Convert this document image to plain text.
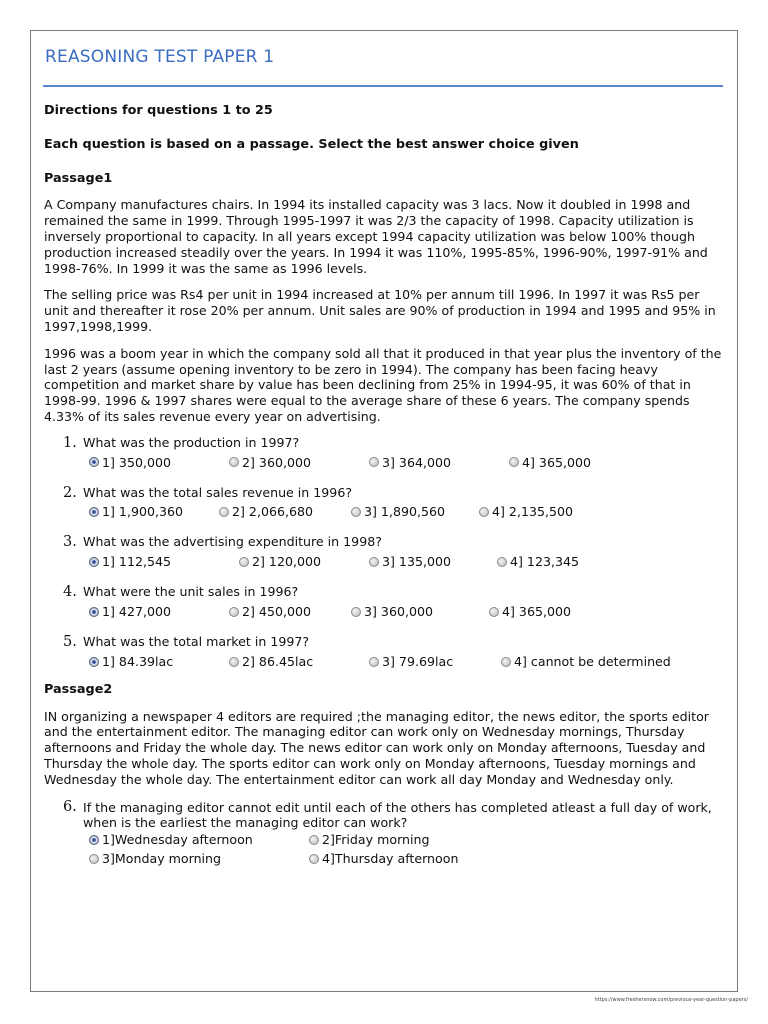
REASONING TEST PAPER 1

Directions for questions 1 to 25

Each question is based on a passage. Select the best answer choice given

Passage1

A Company manufactures chairs. In 1994 its installed capacity was 3 lacs. Now it doubled in 1998 and remained the same in 1999. Through 1995-1997 it was 2/3 the capacity of 1998. Capacity utilization is inversely proportional to capacity. In all years except 1994 capacity utilization was below 100% though production increased steadily over the years. In 1994 it was 110%, 1995-85%, 1996-90%, 1997-91% and 1998-76%. In 1999 it was the same as 1996 levels.

The selling price was Rs4 per unit in 1994 increased at 10% per annum till 1996. In 1997 it was Rs5 per unit and thereafter it rose 20% per annum. Unit sales are 90% of production in 1994 and 1995 and 95% in 1997,1998,1999.

1996 was a boom year in which the company sold all that it produced in that year plus the inventory of the last 2 years (assume opening inventory to be zero in 1994). The company has been facing heavy competition and market share by value has been declining from 25% in 1994-95, it was 60% of that in 1998-99. 1996 & 1997 shares were equal to the average share of these 6 years. The company spends 4.33% of its sales revenue every year on advertising.

1. What was the production in 1997?
1] 350,000	2] 360,000	3] 364,000	4] 365,000
2. What was the total sales revenue in 1996?
1] 1,900,360	2] 2,066,680	3] 1,890,560	4] 2,135,500
3. What was the advertising expenditure in 1998?
1] 112,545	2] 120,000	3] 135,000	4] 123,345
4. What were the unit sales in 1996?
1] 427,000	2] 450,000	3] 360,000	4] 365,000
5. What was the total market in 1997?
1] 84.39lac	2] 86.45lac	3] 79.69lac	4] cannot be determined

Passage2

IN organizing a newspaper 4 editors are required ;the managing editor, the news editor, the sports editor and the entertainment editor. The managing editor can work only on Wednesday mornings, Thursday afternoons and Friday the whole day. The news editor can work only on Monday afternoons, Tuesday and Thursday the whole day. The sports editor can work only on Monday afternoons, Tuesday mornings and Wednesday the whole day. The entertainment editor can work all day Monday and Wednesday only.

6. If the managing editor cannot edit until each of the others has completed atleast a full day of work, when is the earliest the managing editor can work?
1]Wednesday afternoon	2]Friday morning
3]Monday morning	4]Thursday afternoon
https://www.freshersnow.com/previous-year-question-papers/
